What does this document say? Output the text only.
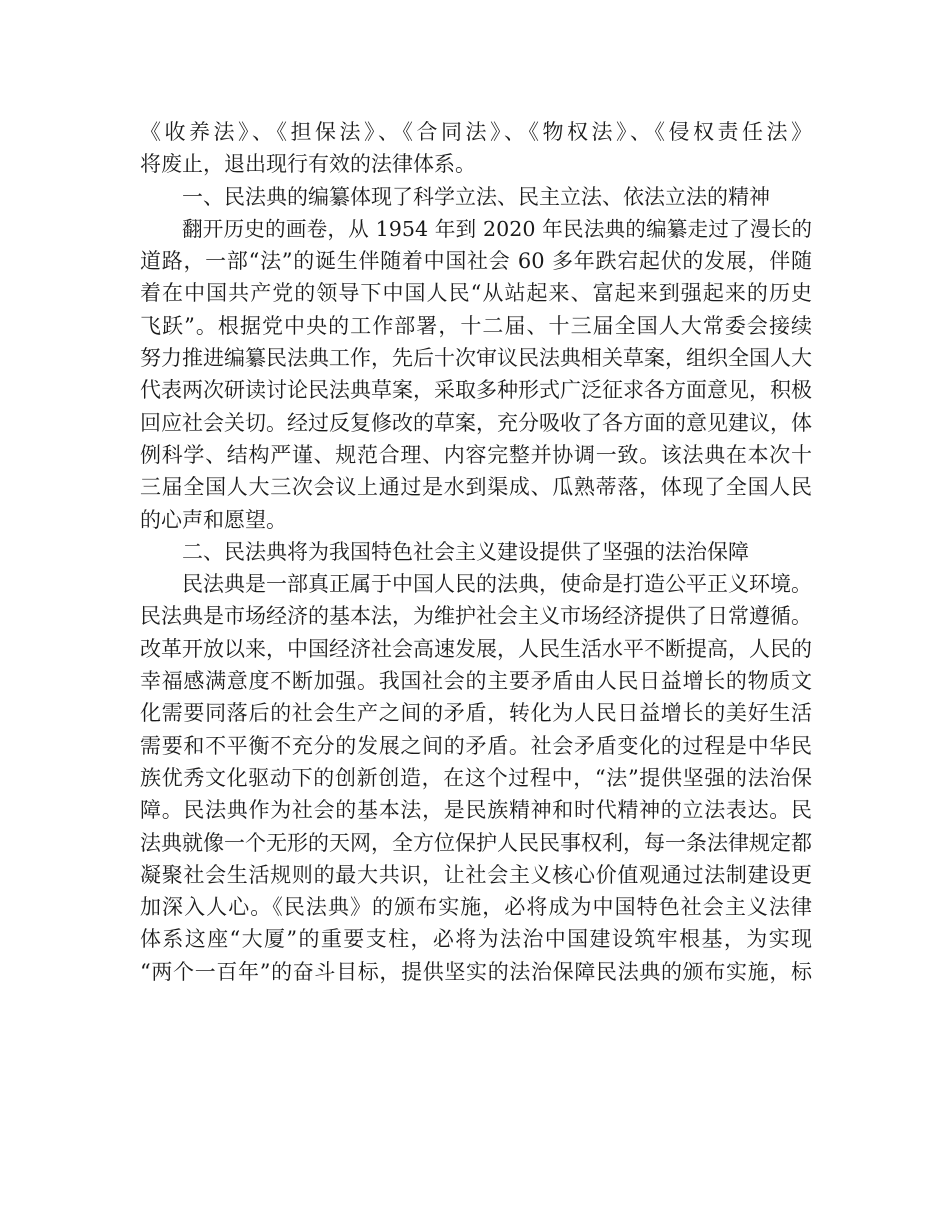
《收养法》、《担保法》、《合同法》、《物权法》、《侵权责任法》
将废止，退出现行有效的法律体系。
一、民法典的编纂体现了科学立法、民主立法、依法立法的精神
翻开历史的画卷，从 1954 年到 2020 年民法典的编纂走过了漫长的
道路，一部“法”的诞生伴随着中国社会 60 多年跌宕起伏的发展，伴随
着在中国共产党的领导下中国人民“从站起来、富起来到强起来的历史
飞跃”。根据党中央的工作部署，十二届、十三届全国人大常委会接续
努力推进编纂民法典工作，先后十次审议民法典相关草案，组织全国人大
代表两次研读讨论民法典草案，采取多种形式广泛征求各方面意见，积极
回应社会关切。经过反复修改的草案，充分吸收了各方面的意见建议，体
例科学、结构严谨、规范合理、内容完整并协调一致。该法典在本次十
三届全国人大三次会议上通过是水到渠成、瓜熟蒂落，体现了全国人民
的心声和愿望。
二、民法典将为我国特色社会主义建设提供了坚强的法治保障
民法典是一部真正属于中国人民的法典，使命是打造公平正义环境。
民法典是市场经济的基本法，为维护社会主义市场经济提供了日常遵循。
改革开放以来，中国经济社会高速发展，人民生活水平不断提高，人民的
幸福感满意度不断加强。我国社会的主要矛盾由人民日益增长的物质文
化需要同落后的社会生产之间的矛盾，转化为人民日益增长的美好生活
需要和不平衡不充分的发展之间的矛盾。社会矛盾变化的过程是中华民
族优秀文化驱动下的创新创造，在这个过程中，“法”提供坚强的法治保
障。民法典作为社会的基本法，是民族精神和时代精神的立法表达。民
法典就像一个无形的天网，全方位保护人民民事权利，每一条法律规定都
凝聚社会生活规则的最大共识，让社会主义核心价值观通过法制建设更
加深入人心。《民法典》的颁布实施，必将成为中国特色社会主义法律
体系这座“大厦”的重要支柱，必将为法治中国建设筑牢根基，为实现
“两个一百年”的奋斗目标，提供坚实的法治保障民法典的颁布实施，标
